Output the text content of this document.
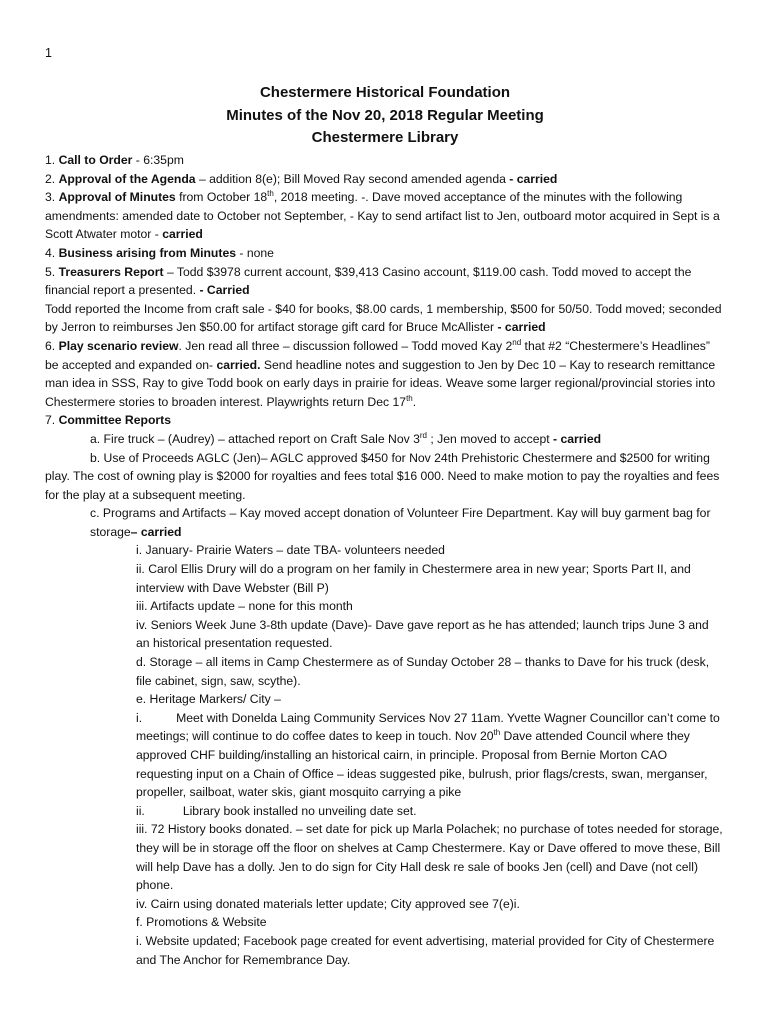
1
Chestermere Historical Foundation
Minutes of the Nov 20, 2018 Regular Meeting
Chestermere Library

1. Call to Order - 6:35pm

2. Approval of the Agenda – addition 8(e); Bill Moved Ray second amended agenda - carried

3. Approval of Minutes from October 18th, 2018 meeting. -. Dave moved acceptance of the minutes with the following amendments: amended date to October not September, - Kay to send artifact list to Jen, outboard motor acquired in Sept is a Scott Atwater motor - carried

4. Business arising from Minutes - none

5. Treasurers Report – Todd $3978 current account, $39,413 Casino account, $119.00 cash. Todd moved to accept the financial report a presented. - Carried

Todd reported the Income from craft sale - $40 for books, $8.00 cards, 1 membership, $500 for 50/50. Todd moved; seconded by Jerron to reimburses Jen $50.00 for artifact storage gift card for Bruce McAllister - carried

6. Play scenario review. Jen read all three – discussion followed – Todd moved Kay 2nd that #2 “Chestermere’s Headlines” be accepted and expanded on- carried. Send headline notes and suggestion to Jen by Dec 10 – Kay to research remittance man idea in SSS, Ray to give Todd book on early days in prairie for ideas. Weave some larger regional/provincial stories into Chestermere stories to broaden interest. Playwrights return Dec 17th.

7. Committee Reports

a. Fire truck – (Audrey) – attached report on Craft Sale Nov 3rd ; Jen moved to accept - carried

b. Use of Proceeds AGLC (Jen)– AGLC approved $450 for Nov 24th Prehistoric Chestermere and $2500 for writing play. The cost of owning play is $2000 for royalties and fees total $16 000. Need to make motion to pay the royalties and fees for the play at a subsequent meeting.

c. Programs and Artifacts – Kay moved accept donation of Volunteer Fire Department. Kay will buy garment bag for storage– carried

i. January- Prairie Waters – date TBA- volunteers needed

ii. Carol Ellis Drury will do a program on her family in Chestermere area in new year; Sports Part II, and interview with Dave Webster (Bill P)

iii. Artifacts update – none for this month

iv. Seniors Week June 3-8th update (Dave)- Dave gave report as he has attended; launch trips June 3 and an historical presentation requested.

d. Storage – all items in Camp Chestermere as of Sunday October 28 – thanks to Dave for his truck (desk, file cabinet, sign, saw, scythe).

e. Heritage Markers/ City –

i.	Meet with Donelda Laing Community Services Nov 27 11am. Yvette Wagner Councillor can’t come to meetings; will continue to do coffee dates to keep in touch. Nov 20th Dave attended Council where they approved CHF building/installing an historical cairn, in principle. Proposal from Bernie Morton CAO requesting input on a Chain of Office – ideas suggested pike, bulrush, prior flags/crests, swan, merganser, propeller, sailboat, water skis, giant mosquito carrying a pike

ii.	Library book installed no unveiling date set.

iii. 72 History books donated. – set date for pick up Marla Polachek; no purchase of totes needed for storage, they will be in storage off the floor on shelves at Camp Chestermere. Kay or Dave offered to move these, Bill will help Dave has a dolly. Jen to do sign for City Hall desk re sale of books Jen (cell) and Dave (not cell) phone.

iv. Cairn using donated materials letter update; City approved see 7(e)i.

f. Promotions & Website

i. Website updated; Facebook page created for event advertising, material provided for City of Chestermere and The Anchor for Remembrance Day.
